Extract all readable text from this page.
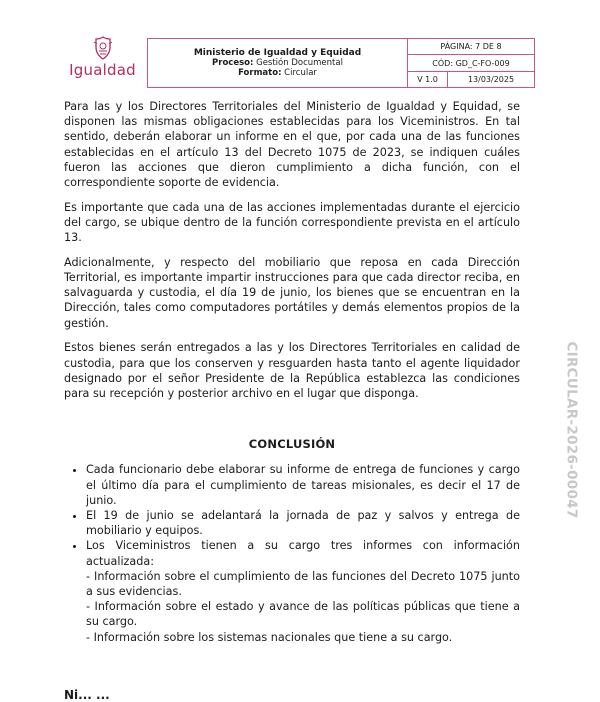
Igualdad
Ministerio de Igualdad y Equidad
Proceso: Gestión Documental
Formato: Circular
PÁGINA: 7 DE 8
CÓD: GD_C-FO-009
V 1.0	13/03/2025

Para las y los Directores Territoriales del Ministerio de Igualdad y Equidad, se disponen las mismas obligaciones establecidas para los Viceministros. En tal sentido, deberán elaborar un informe en el que, por cada una de las funciones establecidas en el artículo 13 del Decreto 1075 de 2023, se indiquen cuáles fueron las acciones que dieron cumplimiento a dicha función, con el correspondiente soporte de evidencia.

Es importante que cada una de las acciones implementadas durante el ejercicio del cargo, se ubique dentro de la función correspondiente prevista en el artículo 13.

Adicionalmente, y respecto del mobiliario que reposa en cada Dirección Territorial, es importante impartir instrucciones para que cada director reciba, en salvaguarda y custodia, el día 19 de junio, los bienes que se encuentran en la Dirección, tales como computadores portátiles y demás elementos propios de la gestión.

Estos bienes serán entregados a las y los Directores Territoriales en calidad de custodia, para que los conserven y resguarden hasta tanto el agente liquidador designado por el señor Presidente de la República establezca las condiciones para su recepción y posterior archivo en el lugar que disponga.

CONCLUSIÓN
• Cada funcionario debe elaborar su informe de entrega de funciones y cargo el último día para el cumplimiento de tareas misionales, es decir el 17 de junio.
• El 19 de junio se adelantará la jornada de paz y salvos y entrega de mobiliario y equipos.
• Los Viceministros tienen a su cargo tres informes con información actualizada:
- Información sobre el cumplimiento de las funciones del Decreto 1075 junto a sus evidencias.
- Información sobre el estado y avance de las políticas públicas que tiene a su cargo.
- Información sobre los sistemas nacionales que tiene a su cargo.
CIRCULAR-2026-00047
Ni... ...
